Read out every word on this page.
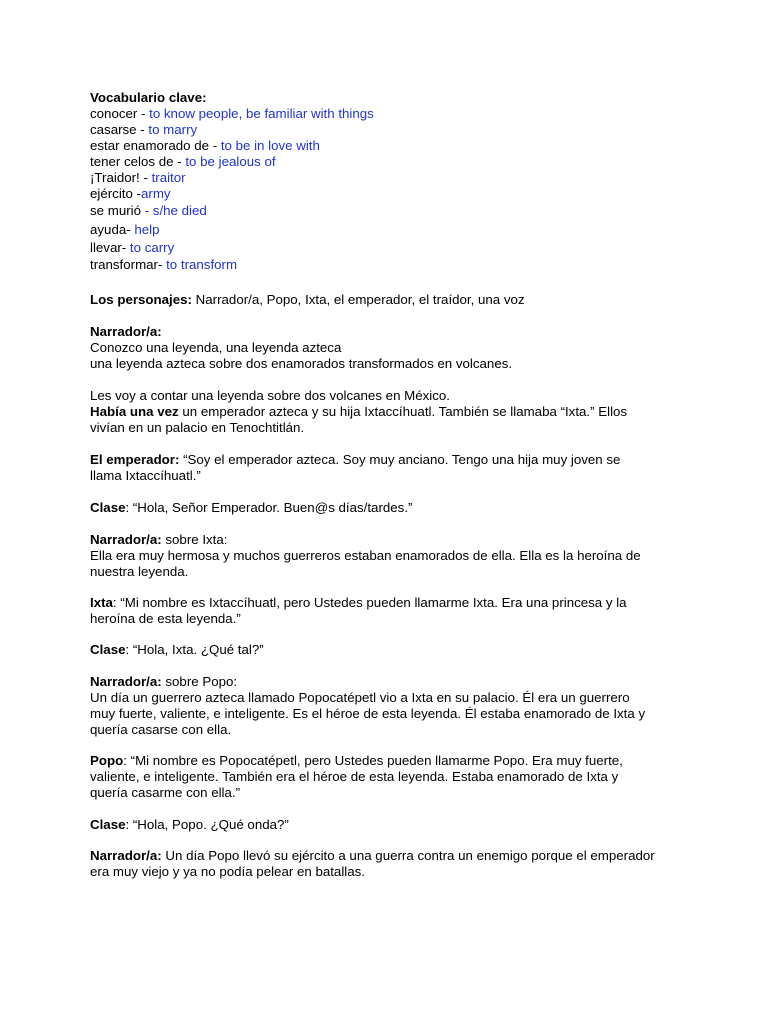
Vocabulario clave:
conocer - to know people, be familiar with things
casarse - to marry
estar enamorado de - to be in love with
tener celos de - to be jealous of
¡Traidor! - traitor
ejército -army
se murió - s/he died
ayuda- help
llevar- to carry
transformar- to transform
Los personajes: Narrador/a, Popo, Ixta, el emperador, el traídor, una voz
Narrador/a:
Conozco una leyenda, una leyenda azteca
una leyenda azteca sobre dos enamorados transformados en volcanes.
Les voy a contar una leyenda sobre dos volcanes en México.
Había una vez un emperador azteca y su hija Ixtaccíhuatl. También se llamaba “Ixta.” Ellos
vivían en un palacio en Tenochtitlán.
El emperador: “Soy el emperador azteca. Soy muy anciano. Tengo una hija muy joven se
llama Ixtaccíhuatl.”
Clase: “Hola, Señor Emperador. Buen@s días/tardes.”
Narrador/a: sobre Ixta:
Ella era muy hermosa y muchos guerreros estaban enamorados de ella. Ella es la heroína de
nuestra leyenda.
Ixta: “Mi nombre es Ixtaccíhuatl, pero Ustedes pueden llamarme Ixta. Era una princesa y la
heroína de esta leyenda.”
Clase: “Hola, Ixta. ¿Qué tal?”
Narrador/a: sobre Popo:
Un día un guerrero azteca llamado Popocatépetl vio a Ixta en su palacio. Él era un guerrero
muy fuerte, valiente, e inteligente. Es el héroe de esta leyenda. Él estaba enamorado de Ixta y
quería casarse con ella.
Popo: “Mi nombre es Popocatépetl, pero Ustedes pueden llamarme Popo. Era muy fuerte,
valiente, e inteligente. También era el héroe de esta leyenda. Estaba enamorado de Ixta y
quería casarme con ella.”
Clase: “Hola, Popo. ¿Qué onda?”
Narrador/a: Un día Popo llevó su ejército a una guerra contra un enemigo porque el emperador
era muy viejo y ya no podía pelear en batallas.
